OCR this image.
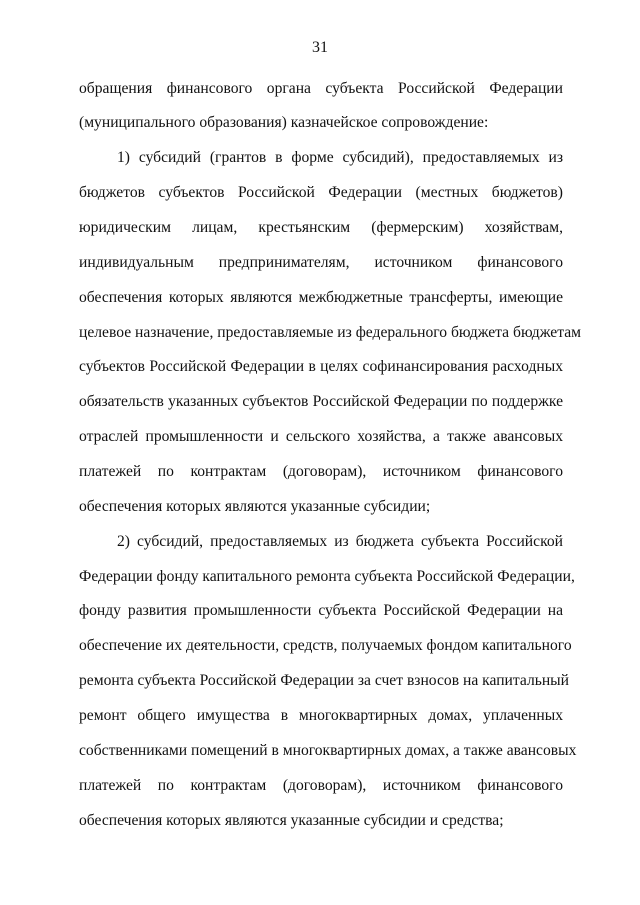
31
обращения финансового органа субъекта Российской Федерации
(муниципального образования) казначейское сопровождение:
1) субсидий (грантов в форме субсидий), предоставляемых из
бюджетов субъектов Российской Федерации (местных бюджетов)
юридическим лицам, крестьянским (фермерским) хозяйствам,
индивидуальным предпринимателям, источником финансового
обеспечения которых являются межбюджетные трансферты, имеющие
целевое назначение, предоставляемые из федерального бюджета бюджетам
субъектов Российской Федерации в целях софинансирования расходных
обязательств указанных субъектов Российской Федерации по поддержке
отраслей промышленности и сельского хозяйства, а также авансовых
платежей по контрактам (договорам), источником финансового
обеспечения которых являются указанные субсидии;
2) субсидий, предоставляемых из бюджета субъекта Российской
Федерации фонду капитального ремонта субъекта Российской Федерации,
фонду развития промышленности субъекта Российской Федерации на
обеспечение их деятельности, средств, получаемых фондом капитального
ремонта субъекта Российской Федерации за счет взносов на капитальный
ремонт общего имущества в многоквартирных домах, уплаченных
собственниками помещений в многоквартирных домах, а также авансовых
платежей по контрактам (договорам), источником финансового
обеспечения которых являются указанные субсидии и средства;
